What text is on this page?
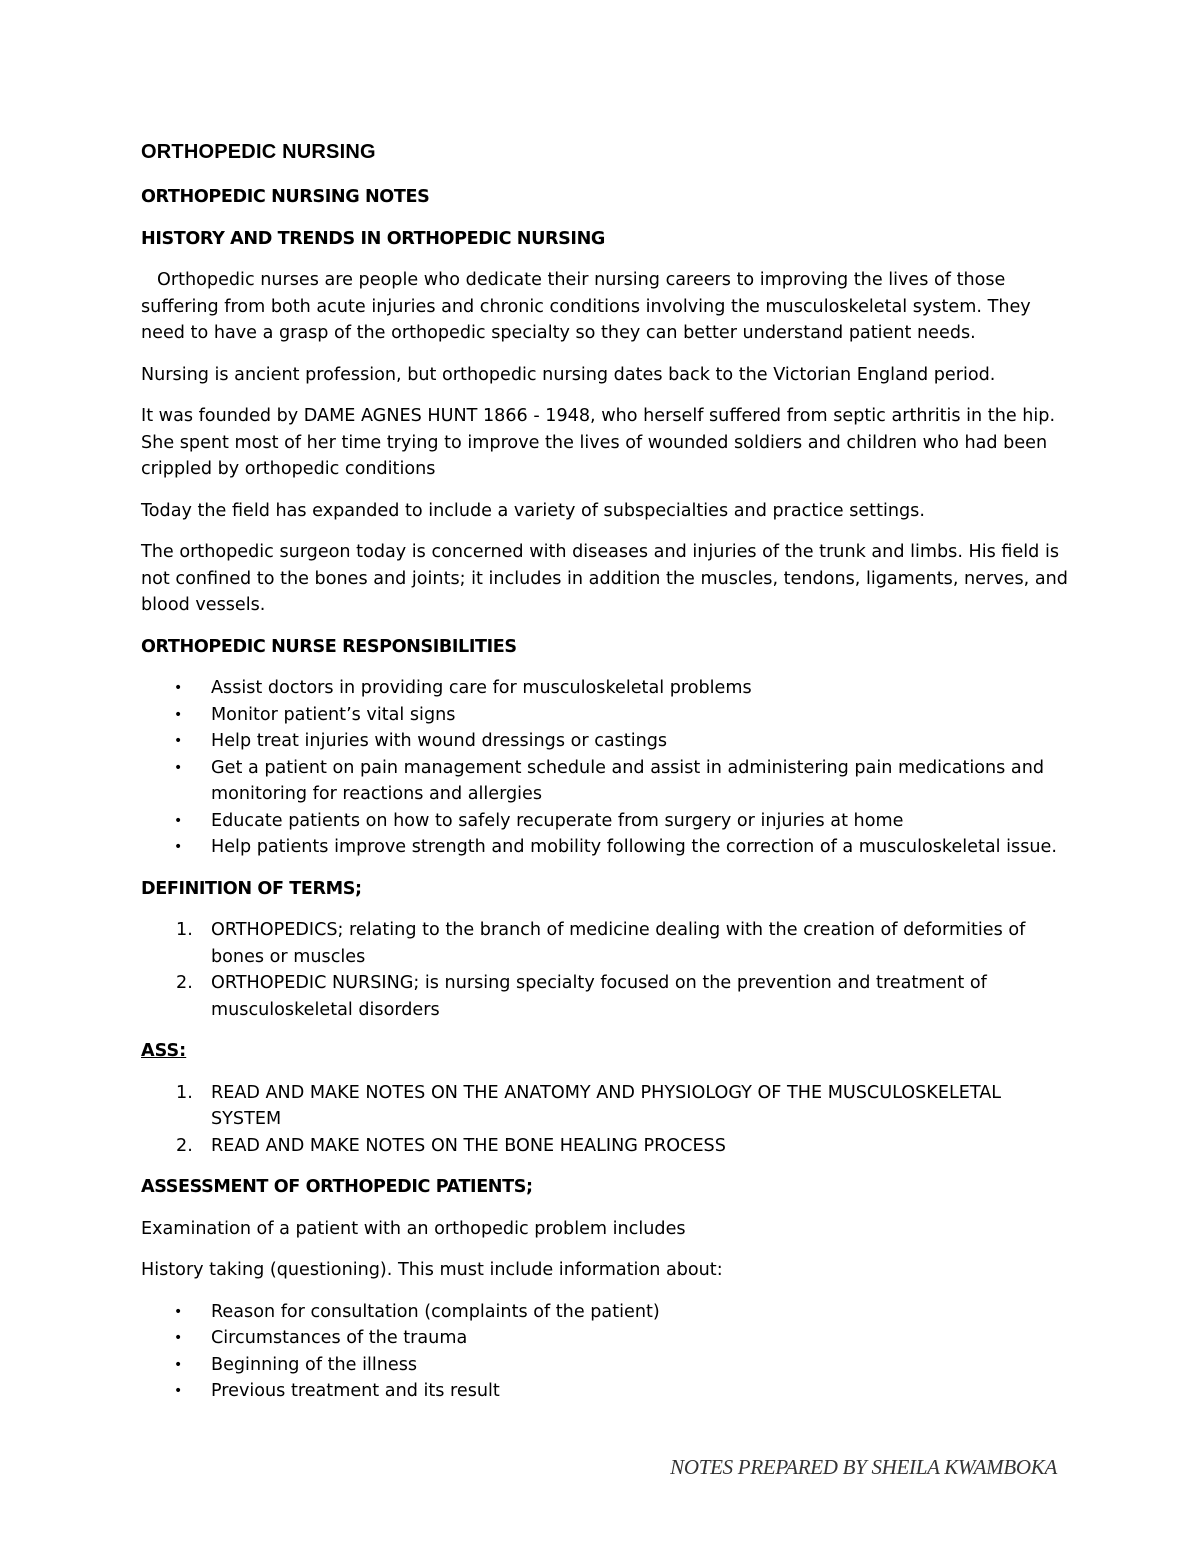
ORTHOPEDIC NURSING

ORTHOPEDIC NURSING NOTES

HISTORY AND TRENDS IN ORTHOPEDIC NURSING

Orthopedic nurses are people who dedicate their nursing careers to improving the lives of those suffering from both acute injuries and chronic conditions involving the musculoskeletal system. They need to have a grasp of the orthopedic specialty so they can better understand patient needs.

Nursing is ancient profession, but orthopedic nursing dates back to the Victorian England period.

It was founded by DAME AGNES HUNT 1866 - 1948, who herself suffered from septic arthritis in the hip. She spent most of her time trying to improve the lives of wounded soldiers and children who had been crippled by orthopedic conditions

Today the field has expanded to include a variety of subspecialties and practice settings.

The orthopedic surgeon today is concerned with diseases and injuries of the trunk and limbs. His field is not confined to the bones and joints; it includes in addition the muscles, tendons, ligaments, nerves, and blood vessels.

ORTHOPEDIC NURSE RESPONSIBILITIES

• Assist doctors in providing care for musculoskeletal problems
• Monitor patient’s vital signs
• Help treat injuries with wound dressings or castings
• Get a patient on pain management schedule and assist in administering pain medications and monitoring for reactions and allergies
• Educate patients on how to safely recuperate from surgery or injuries at home
• Help patients improve strength and mobility following the correction of a musculoskeletal issue.

DEFINITION OF TERMS;

1. ORTHOPEDICS; relating to the branch of medicine dealing with the creation of deformities of bones or muscles
2. ORTHOPEDIC NURSING; is nursing specialty focused on the prevention and treatment of musculoskeletal disorders

ASS:

1. READ AND MAKE NOTES ON THE ANATOMY AND PHYSIOLOGY OF THE MUSCULOSKELETAL SYSTEM
2. READ AND MAKE NOTES ON THE BONE HEALING PROCESS

ASSESSMENT OF ORTHOPEDIC PATIENTS;

Examination of a patient with an orthopedic problem includes

History taking (questioning). This must include information about:

• Reason for consultation (complaints of the patient)
• Circumstances of the trauma
• Beginning of the illness
• Previous treatment and its result
NOTES PREPARED BY SHEILA KWAMBOKA
